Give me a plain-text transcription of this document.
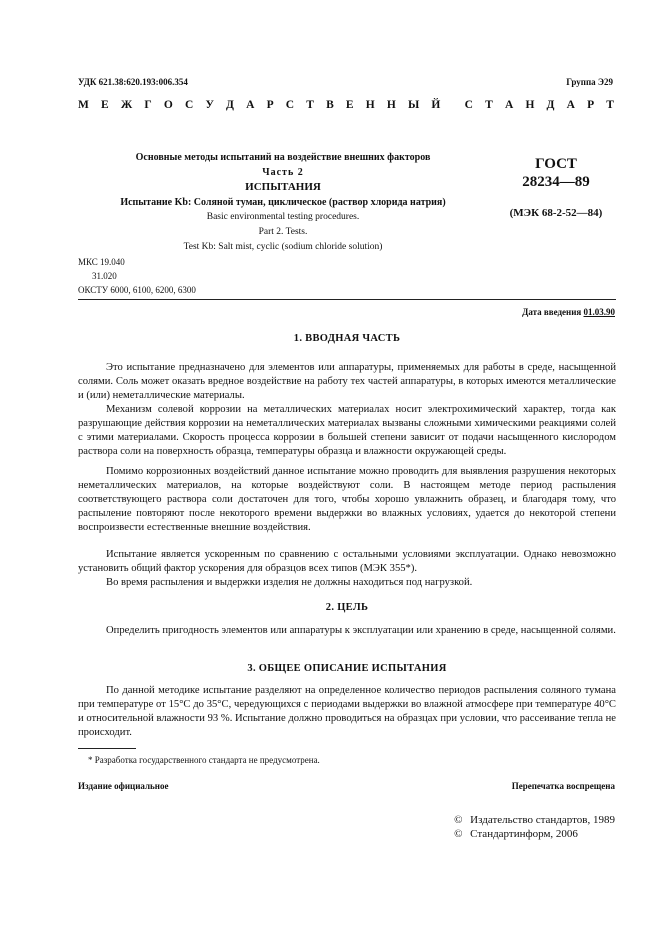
УДК 621.38:620.193:006.354	Группа Э29
М Е Ж Г О С У Д А Р С Т В Е Н Н Ы Й С Т А Н Д А Р Т
Основные методы испытаний на воздействие внешних факторов
Часть 2
ИСПЫТАНИЯ
Испытание Kb: Соляной туман, циклическое (раствор хлорида натрия)
Basic environmental testing procedures.
Part 2. Tests.
Test Kb: Salt mist, cyclic (sodium chloride solution)
ГОСТ
28234—89
(МЭК 68-2-52—84)
МКС 19.040
31.020
ОКСТУ 6000, 6100, 6200, 6300
Дата введения 01.03.90
1. ВВОДНАЯ ЧАСТЬ

Это испытание предназначено для элементов или аппаратуры, применяемых для работы в среде, насыщенной солями. Соль может оказать вредное воздействие на работу тех частей аппаратуры, в которых имеются металлические и (или) неметаллические материалы.

Механизм солевой коррозии на металлических материалах носит электрохимический характер, тогда как разрушающие действия коррозии на неметаллических материалах вызваны сложными химическими реакциями солей с этими материалами. Скорость процесса коррозии в большей степени зависит от подачи насыщенного кислородом раствора соли на поверхность образца, температуры образца и влажности окружающей среды.

Помимо коррозионных воздействий данное испытание можно проводить для выявления разрушения некоторых неметаллических материалов, на которые воздействуют соли. В настоящем методе период распыления соответствующего раствора соли достаточен для того, чтобы хорошо увлажнить образец, и благодаря тому, что распыление повторяют после некоторого времени выдержки во влажных условиях, удается до некоторой степени воспроизвести естественные внешние воздействия.

Испытание является ускоренным по сравнению с остальными условиями эксплуатации. Однако невозможно установить общий фактор ускорения для образцов всех типов (МЭК 355*).

Во время распыления и выдержки изделия не должны находиться под нагрузкой.

2. ЦЕЛЬ

Определить пригодность элементов или аппаратуры к эксплуатации или хранению в среде, насыщенной солями.

3. ОБЩЕЕ ОПИСАНИЕ ИСПЫТАНИЯ

По данной методике испытание разделяют на определенное количество периодов распыления соляного тумана при температуре от 15°С до 35°С, чередующихся с периодами выдержки во влажной атмосфере при температуре 40°С и относительной влажности 93 %. Испытание должно проводиться на образцах при условии, что рассеивание тепла не происходит.

* Разработка государственного стандарта не предусмотрена.
Издание официальное	Перепечатка воспрещена
© Издательство стандартов, 1989
© Стандартинформ, 2006
